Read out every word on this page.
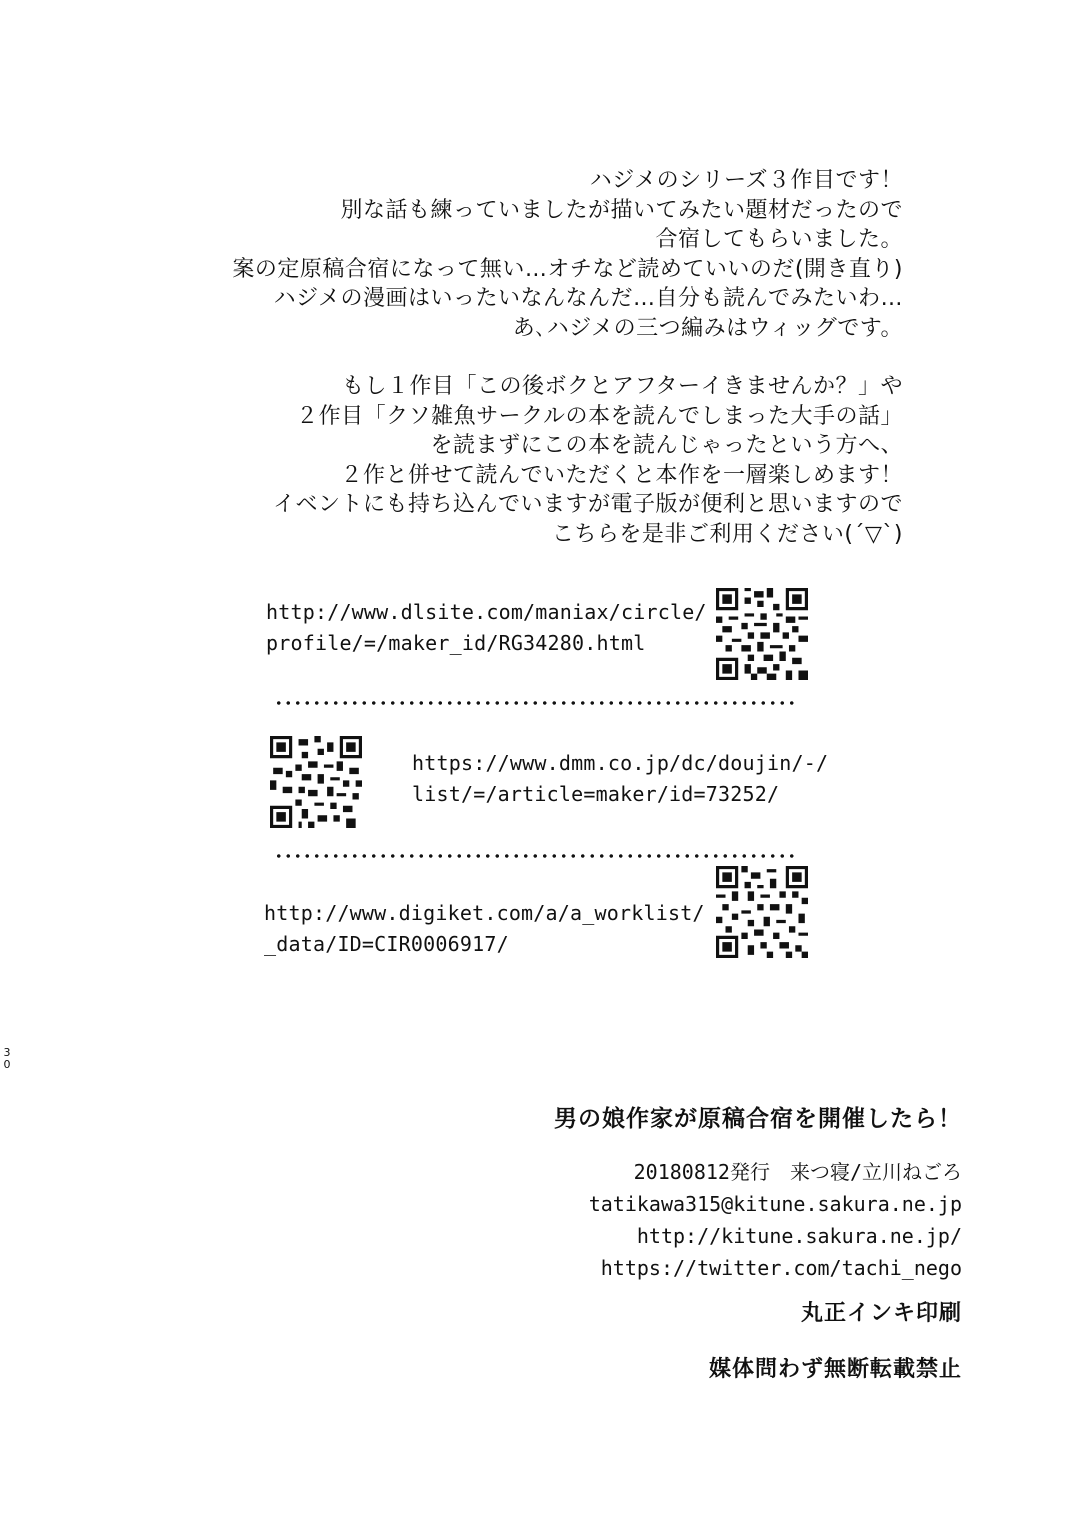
ハジメのシリーズ３作目です！
別な話も練っていましたが描いてみたい題材だったので
合宿してもらいました。
案の定原稿合宿になって無い…オチなど読めていいのだ(開き直り)
ハジメの漫画はいったいなんなんだ…自分も読んでみたいわ…
あ､ハジメの三つ編みはウィッグです。

もし１作目「この後ボクとアフターイきませんか？」や
２作目「クソ雑魚サークルの本を読んでしまった大手の話」
を読まずにこの本を読んじゃったという方へ、
２作と併せて読んでいただくと本作を一層楽しめます！
イベントにも持ち込んでいますが電子版が便利と思いますので
こちらを是非ご利用ください(´▽`)

http://www.dlsite.com/maniax/circle/
profile/=/maker_id/RG34280.html
https://www.dmm.co.jp/dc/doujin/-/
list/=/article=maker/id=73252/
http://www.digiket.com/a/a_worklist/
_data/ID=CIR0006917/
男の娘作家が原稿合宿を開催したら！
20180812発行　来つ寝/立川ねごろ
tatikawa315@kitune.sakura.ne.jp
http://kitune.sakura.ne.jp/
https://twitter.com/tachi_nego
丸正インキ印刷
媒体問わず無断転載禁止
3
0
